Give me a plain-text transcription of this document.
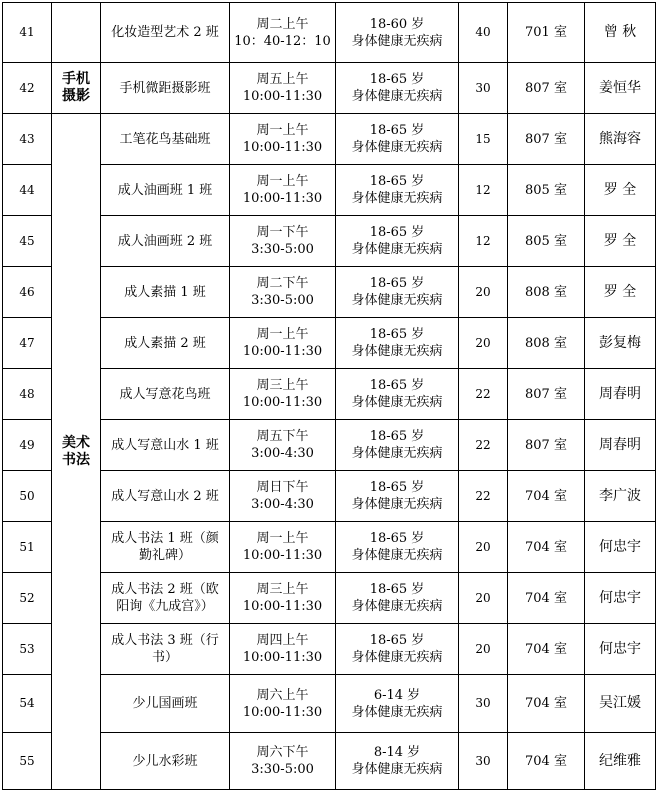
41		化妆造型艺术 2 班	周二上午
10：40-12：10	18-60 岁
身体健康无疾病	40	701 室	曾 秋
42	手机
摄影	手机微距摄影班	周五上午
10:00-11:30	18-65 岁
身体健康无疾病	30	807 室	姜恒华
43	美术
书法	工笔花鸟基础班	周一上午
10:00-11:30	18-65 岁
身体健康无疾病	15	807 室	熊海容
44		成人油画班 1 班	周一上午
10:00-11:30	18-65 岁
身体健康无疾病	12	805 室	罗 全
45		成人油画班 2 班	周一下午
3:30-5:00	18-65 岁
身体健康无疾病	12	805 室	罗 全
46		成人素描 1 班	周二下午
3:30-5:00	18-65 岁
身体健康无疾病	20	808 室	罗 全
47		成人素描 2 班	周一上午
10:00-11:30	18-65 岁
身体健康无疾病	20	808 室	彭复梅
48		成人写意花鸟班	周三上午
10:00-11:30	18-65 岁
身体健康无疾病	22	807 室	周春明
49		成人写意山水 1 班	周五下午
3:00-4:30	18-65 岁
身体健康无疾病	22	807 室	周春明
50		成人写意山水 2 班	周日下午
3:00-4:30	18-65 岁
身体健康无疾病	22	704 室	李广波
51		成人书法 1 班（颜勤礼碑）	周一上午
10:00-11:30	18-65 岁
身体健康无疾病	20	704 室	何忠宇
52		成人书法 2 班（欧阳询《九成宫》）	周三上午
10:00-11:30	18-65 岁
身体健康无疾病	20	704 室	何忠宇
53		成人书法 3 班（行书）	周四上午
10:00-11:30	18-65 岁
身体健康无疾病	20	704 室	何忠宇
54		少儿国画班	周六上午
10:00-11:30	6-14 岁
身体健康无疾病	30	704 室	吴江媛
55		少儿水彩班	周六下午
3:30-5:00	8-14 岁
身体健康无疾病	30	704 室	纪维雅
